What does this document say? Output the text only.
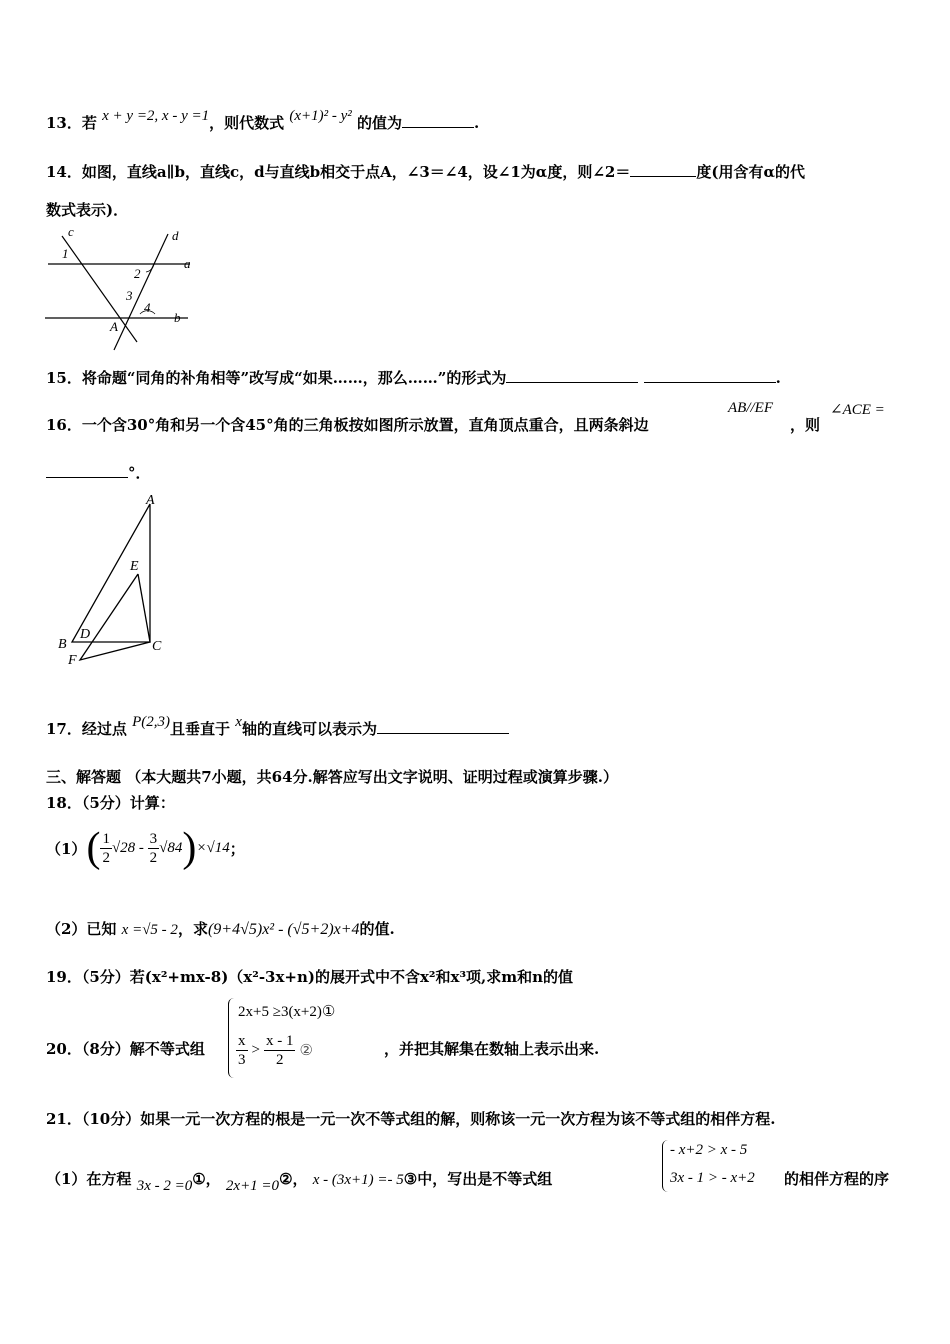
13．若 x + y =2, x - y =1，则代数式 (x+1)² - y² 的值为	.
14．如图，直线a∥b，直线c，d与直线b相交于点A，∠3＝∠4，设∠1为α度，则∠2＝	度(用含有α的代
数式表示)．
c	d
1
2
a
3
4
A
b
15．将命题“同角的补角相等”改写成“如果……，那么……”的形式为	.
16．一个含30°角和另一个含45°角的三角板按如图所示放置，直角顶点重合，且两条斜边
AB//EF
，则
∠ACE =
°．
A
E
B
D
C
F
17．经过点 P(2,3)且垂直于 x轴的直线可以表示为
三、解答题 （本大题共7小题，共64分.解答应写出文字说明、证明过程或演算步骤.）
18．（5分）计算：
（1） ( $\frac{1}{2} √28 - \frac{3}{2} √84$ ) ×√14 ；
（2）已知 x =√5 - 2，求(9+4√5)x² - (√5+2)x+4的值.
19．（5分）若(x²+mx-8)（x²-3x+n)的展开式中不含x²和x³项,求m和n的值
20．（8分）解不等式组
2x+5 ≥3(x+2)①
$\frac{x}{3} > \frac{x - 1}{2}$ ②	，并把其解集在数轴上表示出来.
21．（10分）如果一元一次方程的根是一元一次不等式组的解，则称该一元一次方程为该不等式组的相伴方程.
（1）在方程 3x - 2 =0①， 2x+1 =0②， x - (3x+1) =- 5③中，写出是不等式组
- x+2 > x - 5
3x - 1 > - x+2 的相伴方程的序
